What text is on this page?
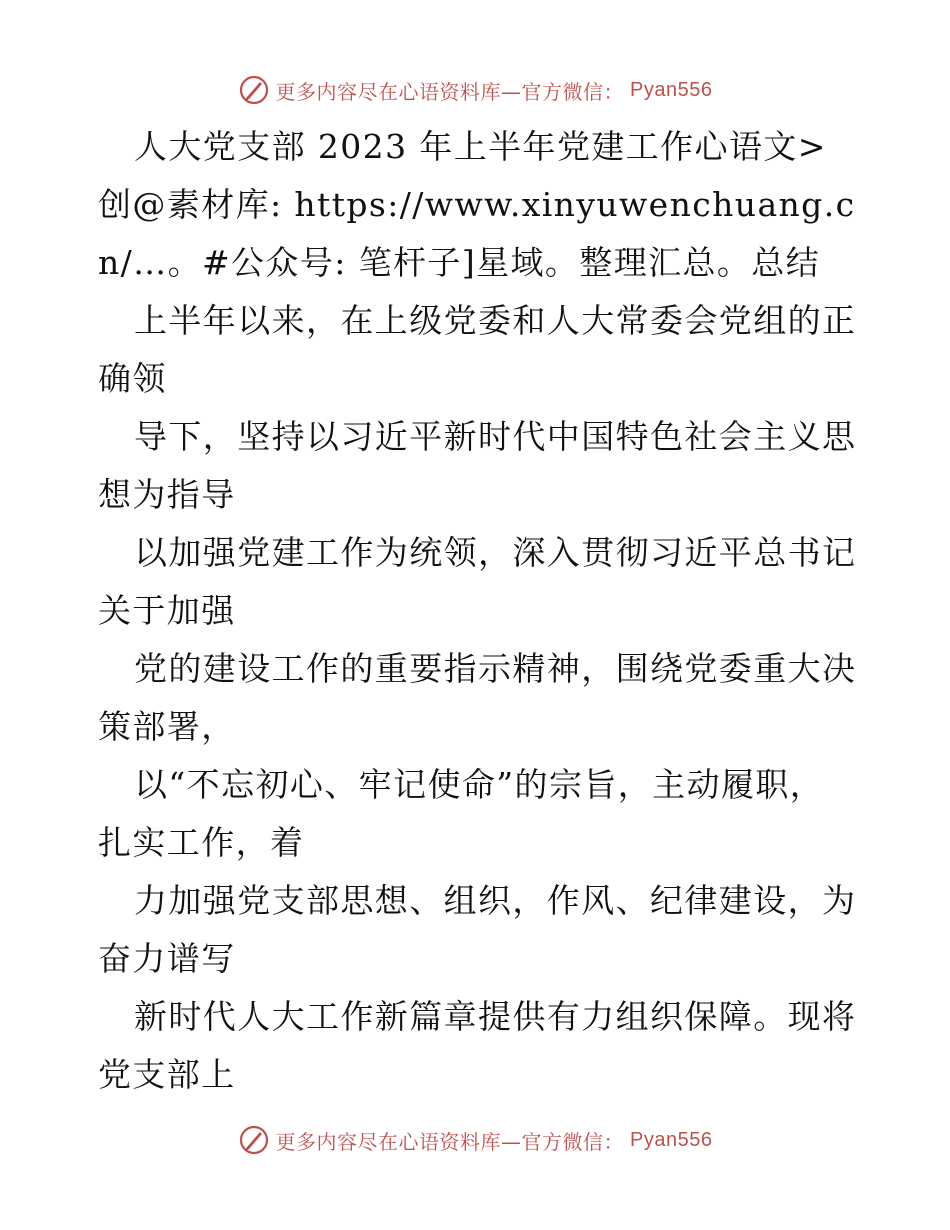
更多内容尽在心语资料库—官方微信： Pyan556

人大党支部 2023 年上半年党建工作心语文>创@素材库: https://www.xinyuwenchuang.cn/…。#公众号: 笔杆子]星域。整理汇总。总结

上半年以来，在上级党委和人大常委会党组的正确领

导下，坚持以习近平新时代中国特色社会主义思想为指导

以加强党建工作为统领，深入贯彻习近平总书记关于加强

党的建设工作的重要指示精神，围绕党委重大决策部署，

以“不忘初心、牢记使命”的宗旨，主动履职，扎实工作，着

力加强党支部思想、组织，作风、纪律建设，为奋力谱写

新时代人大工作新篇章提供有力组织保障。现将党支部上

更多内容尽在心语资料库—官方微信： Pyan556
